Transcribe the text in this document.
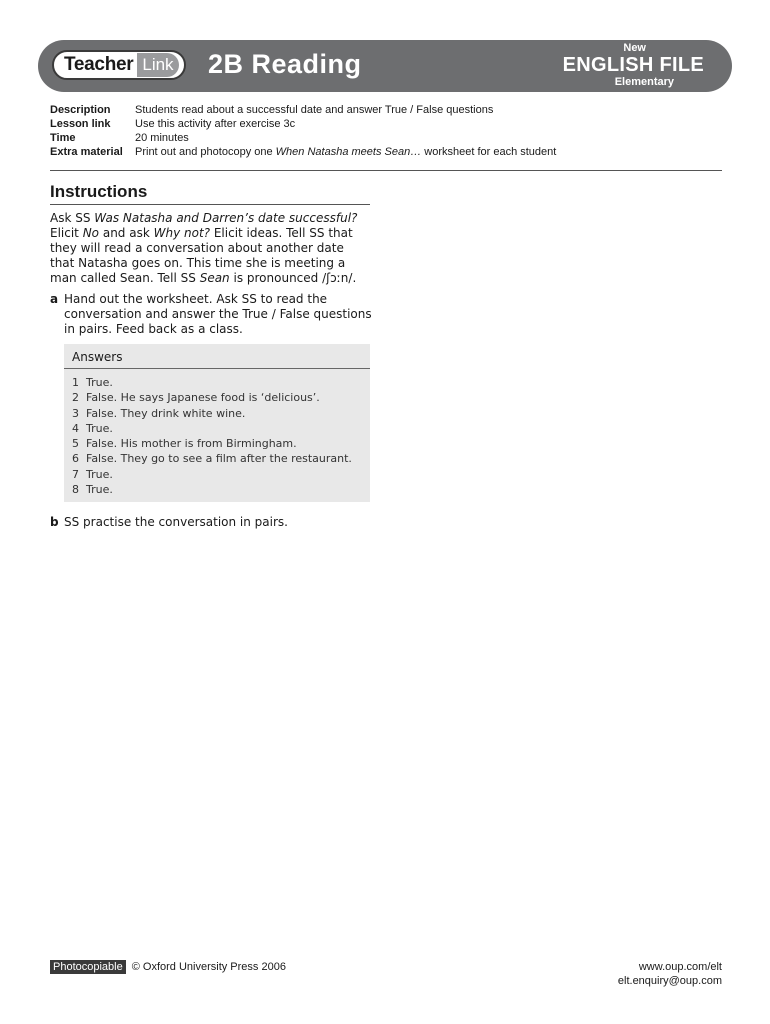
Teacher Link 2B Reading
New
ENGLISH FILE
Elementary
Description	Students read about a successful date and answer True / False questions
Lesson link	Use this activity after exercise 3c
Time	20 minutes
Extra material	Print out and photocopy one When Natasha meets Sean… worksheet for each student
Instructions

Ask SS Was Natasha and Darren’s date successful? Elicit No and ask Why not? Elicit ideas. Tell SS that they will read a conversation about another date that Natasha goes on. This time she is meeting a man called Sean. Tell SS Sean is pronounced /ʃɔːn/.

a Hand out the worksheet. Ask SS to read the conversation and answer the True / False questions in pairs. Feed back as a class.
Answers
1 True.
2 False. He says Japanese food is ‘delicious’.
3 False. They drink white wine.
4 True.
5 False. His mother is from Birmingham.
6 False. They go to see a film after the restaurant.
7 True.
8 True.
b SS practise the conversation in pairs.
Photocopiable © Oxford University Press 2006	www.oup.com/elt
elt.enquiry@oup.com
